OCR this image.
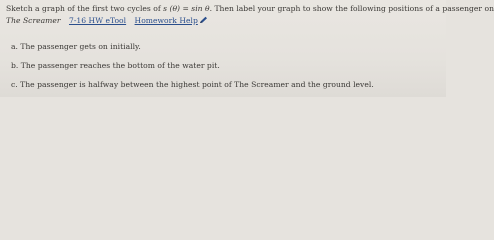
Sketch a graph of the first two cycles of s (θ) = sin θ. Then label your graph to show the following positions of a passenger on
The Screamer 7-16 HW eTool Homework Help
a. The passenger gets on initially.
b. The passenger reaches the bottom of the water pit.
c. The passenger is halfway between the highest point of The Screamer and the ground level.
